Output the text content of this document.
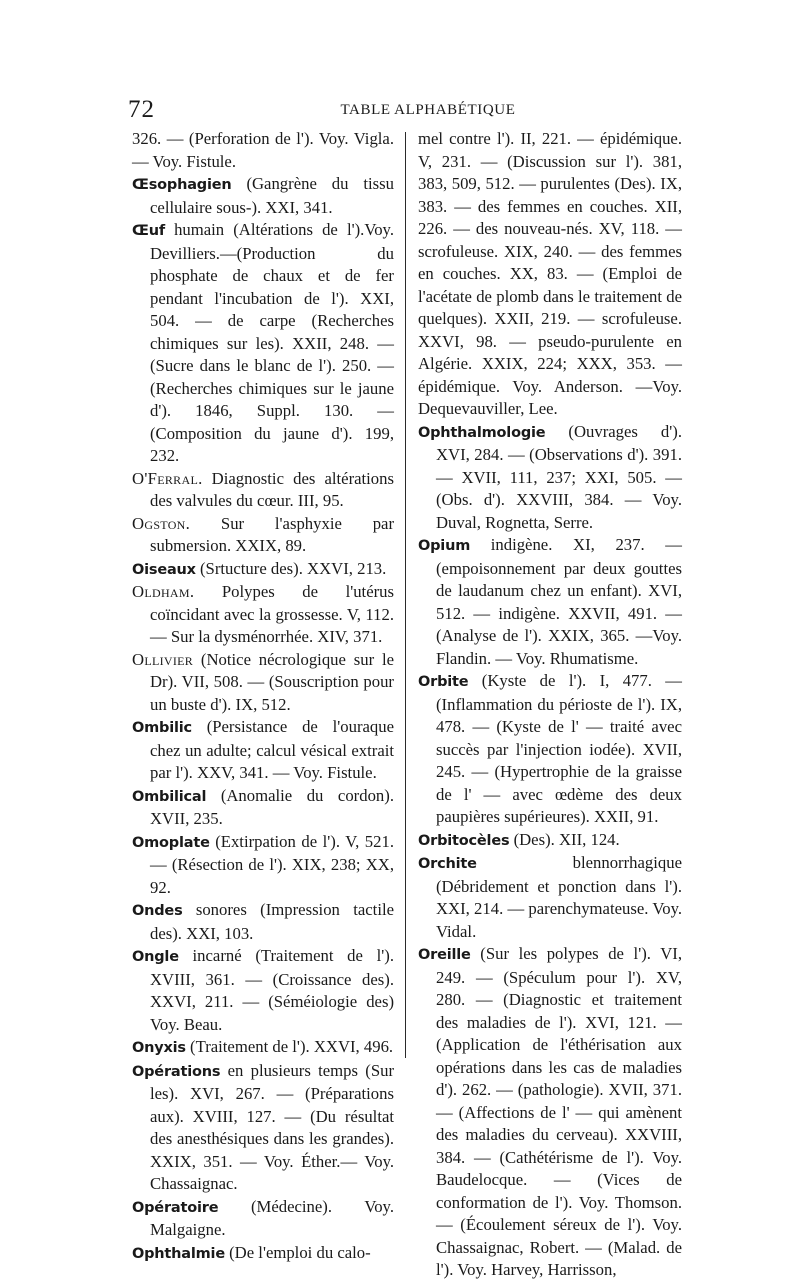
72	TABLE ALPHABÉTIQUE

326. — (Perforation de l'). Voy. Vigla. — Voy. Fistule.

Œsophagien (Gangrène du tissu cellulaire sous-). XXI, 341.

Œuf humain (Altérations de l').Voy. Devilliers.—(Production du phosphate de chaux et de fer pendant l'incubation de l'). XXI, 504. — de carpe (Recherches chimiques sur les). XXII, 248. — (Sucre dans le blanc de l'). 250. — (Recherches chimiques sur le jaune d'). 1846, Suppl. 130. — (Composition du jaune d'). 199, 232.

O'Ferral. Diagnostic des altérations des valvules du cœur. III, 95.

Ogston. Sur l'asphyxie par submersion. XXIX, 89.

Oiseaux (Srtucture des). XXVI, 213.

Oldham. Polypes de l'utérus coïncidant avec la grossesse. V, 112. — Sur la dysménorrhée. XIV, 371.

Ollivier (Notice nécrologique sur le Dr). VII, 508. — (Souscription pour un buste d'). IX, 512.

Ombilic (Persistance de l'ouraque chez un adulte; calcul vésical extrait par l'). XXV, 341. — Voy. Fistule.

Ombilical (Anomalie du cordon). XVII, 235.

Omoplate (Extirpation de l'). V, 521. — (Résection de l'). XIX, 238; XX, 92.

Ondes sonores (Impression tactile des). XXI, 103.

Ongle incarné (Traitement de l'). XVIII, 361. — (Croissance des). XXVI, 211. — (Séméiologie des) Voy. Beau.

Onyxis (Traitement de l'). XXVI, 496.

Opérations en plusieurs temps (Sur les). XVI, 267. — (Préparations aux). XVIII, 127. — (Du résultat des anesthésiques dans les grandes). XXIX, 351. — Voy. Éther.— Voy. Chassaignac.

Opératoire (Médecine). Voy. Malgaigne.

Ophthalmie (De l'emploi du calo-

mel contre l'). II, 221. — épidémique. V, 231. — (Discussion sur l'). 381, 383, 509, 512. — purulentes (Des). IX, 383. — des femmes en couches. XII, 226. — des nouveau-nés. XV, 118. — scrofuleuse. XIX, 240. — des femmes en couches. XX, 83. — (Emploi de l'acétate de plomb dans le traitement de quelques). XXII, 219. — scrofuleuse. XXVI, 98. — pseudo-purulente en Algérie. XXIX, 224; XXX, 353. — épidémique. Voy. Anderson. —Voy. Dequevauviller, Lee.

Ophthalmologie (Ouvrages d'). XVI, 284. — (Observations d'). 391. — XVII, 111, 237; XXI, 505. — (Obs. d'). XXVIII, 384. — Voy. Duval, Rognetta, Serre.

Opium indigène. XI, 237. — (empoisonnement par deux gouttes de laudanum chez un enfant). XVI, 512. — indigène. XXVII, 491. — (Analyse de l'). XXIX, 365. —Voy. Flandin. — Voy. Rhumatisme.

Orbite (Kyste de l'). I, 477. — (Inflammation du périoste de l'). IX, 478. — (Kyste de l' — traité avec succès par l'injection iodée). XVII, 245. — (Hypertrophie de la graisse de l' — avec œdème des deux paupières supérieures). XXII, 91.

Orbitocèles (Des). XII, 124.

Orchite blennorrhagique (Débridement et ponction dans l'). XXI, 214. — parenchymateuse. Voy. Vidal.

Oreille (Sur les polypes de l'). VI, 249. — (Spéculum pour l'). XV, 280. — (Diagnostic et traitement des maladies de l'). XVI, 121. — (Application de l'éthérisation aux opérations dans les cas de maladies d'). 262. — (pathologie). XVII, 371. — (Affections de l' — qui amènent des maladies du cerveau). XXVIII, 384. — (Cathétérisme de l'). Voy. Baudelocque. — (Vices de conformation de l'). Voy. Thomson. — (Écoulement séreux de l'). Voy. Chassaignac, Robert. — (Malad. de l'). Voy. Harvey, Harrisson,
